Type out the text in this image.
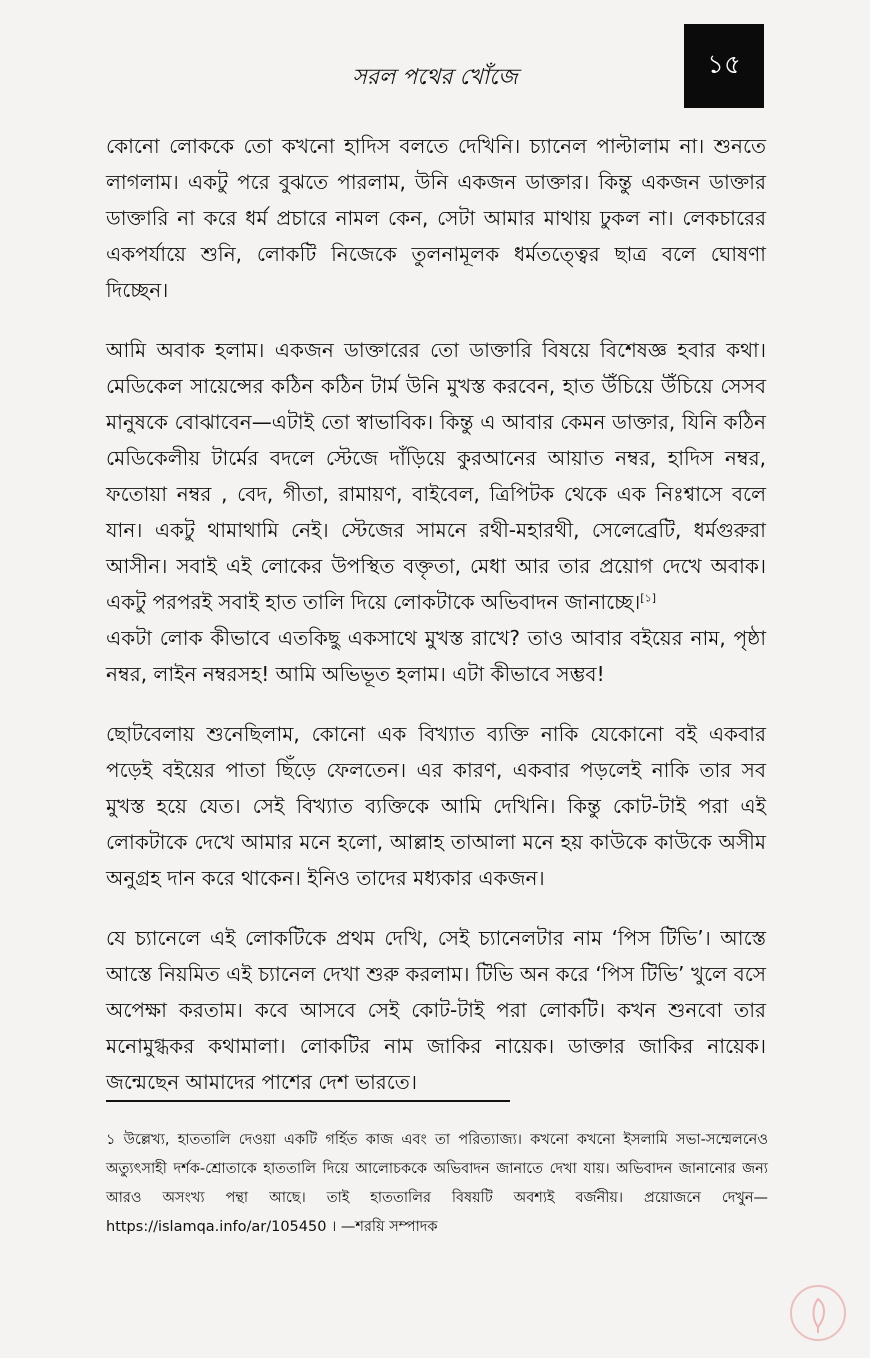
সরল পথের খোঁজে	১৫

কোনো লোককে তো কখনো হাদিস বলতে দেখিনি। চ্যানেল পাল্টালাম না। শুনতে লাগলাম। একটু পরে বুঝতে পারলাম, উনি একজন ডাক্তার। কিন্তু একজন ডাক্তার ডাক্তারি না করে ধর্ম প্রচারে নামল কেন, সেটা আমার মাথায় ঢুকল না। লেকচারের একপর্যায়ে শুনি, লোকটি নিজেকে তুলনামূলক ধর্মতত্ত্বের ছাত্র বলে ঘোষণা দিচ্ছেন।

আমি অবাক হলাম। একজন ডাক্তারের তো ডাক্তারি বিষয়ে বিশেষজ্ঞ হবার কথা। মেডিকেল সায়েন্সের কঠিন কঠিন টার্ম উনি মুখস্ত করবেন, হাত উঁচিয়ে উঁচিয়ে সেসব মানুষকে বোঝাবেন—এটাই তো স্বাভাবিক। কিন্তু এ আবার কেমন ডাক্তার, যিনি কঠিন মেডিকেলীয় টার্মের বদলে স্টেজে দাঁড়িয়ে কুরআনের আয়াত নম্বর, হাদিস নম্বর, ফতোয়া নম্বর , বেদ, গীতা, রামায়ণ, বাইবেল, ত্রিপিটক থেকে এক নিঃশ্বাসে বলে যান। একটু থামাথামি নেই। স্টেজের সামনে রথী-মহারথী, সেলেব্রেটি, ধর্মগুরুরা আসীন। সবাই এই লোকের উপস্থিত বক্তৃতা, মেধা আর তার প্রয়োগ দেখে অবাক। একটু পরপরই সবাই হাত তালি দিয়ে লোকটাকে অভিবাদন জানাচ্ছে।[১]

একটা লোক কীভাবে এতকিছু একসাথে মুখস্ত রাখে? তাও আবার বইয়ের নাম, পৃষ্ঠা নম্বর, লাইন নম্বরসহ! আমি অভিভূত হলাম। এটা কীভাবে সম্ভব!

ছোটবেলায় শুনেছিলাম, কোনো এক বিখ্যাত ব্যক্তি নাকি যেকোনো বই একবার পড়েই বইয়ের পাতা ছিঁড়ে ফেলতেন। এর কারণ, একবার পড়লেই নাকি তার সব মুখস্ত হয়ে যেত। সেই বিখ্যাত ব্যক্তিকে আমি দেখিনি। কিন্তু কোট-টাই পরা এই লোকটাকে দেখে আমার মনে হলো, আল্লাহ তাআলা মনে হয় কাউকে কাউকে অসীম অনুগ্রহ দান করে থাকেন। ইনিও তাদের মধ্যকার একজন।

যে চ্যানেলে এই লোকটিকে প্রথম দেখি, সেই চ্যানেলটার নাম ‘পিস টিভি’। আস্তে আস্তে নিয়মিত এই চ্যানেল দেখা শুরু করলাম। টিভি অন করে ‘পিস টিভি’ খুলে বসে অপেক্ষা করতাম। কবে আসবে সেই কোট-টাই পরা লোকটি। কখন শুনবো তার মনোমুগ্ধকর কথামালা। লোকটির নাম জাকির নায়েক। ডাক্তার জাকির নায়েক। জন্মেছেন আমাদের পাশের দেশ ভারতে।

১ উল্লেখ্য, হাততালি দেওয়া একটি গর্হিত কাজ এবং তা পরিত্যাজ্য। কখনো কখনো ইসলামি সভা-সম্মেলনেও অত্যুৎসাহী দর্শক-শ্রোতাকে হাততালি দিয়ে আলোচককে অভিবাদন জানাতে দেখা যায়। অভিবাদন জানানোর জন্য আরও অসংখ্য পন্থা আছে। তাই হাততালির বিষয়টি অবশ্যই বর্জনীয়। প্রয়োজনে দেখুন— https://islamqa.info/ar/105450 । —শরয়ি সম্পাদক
